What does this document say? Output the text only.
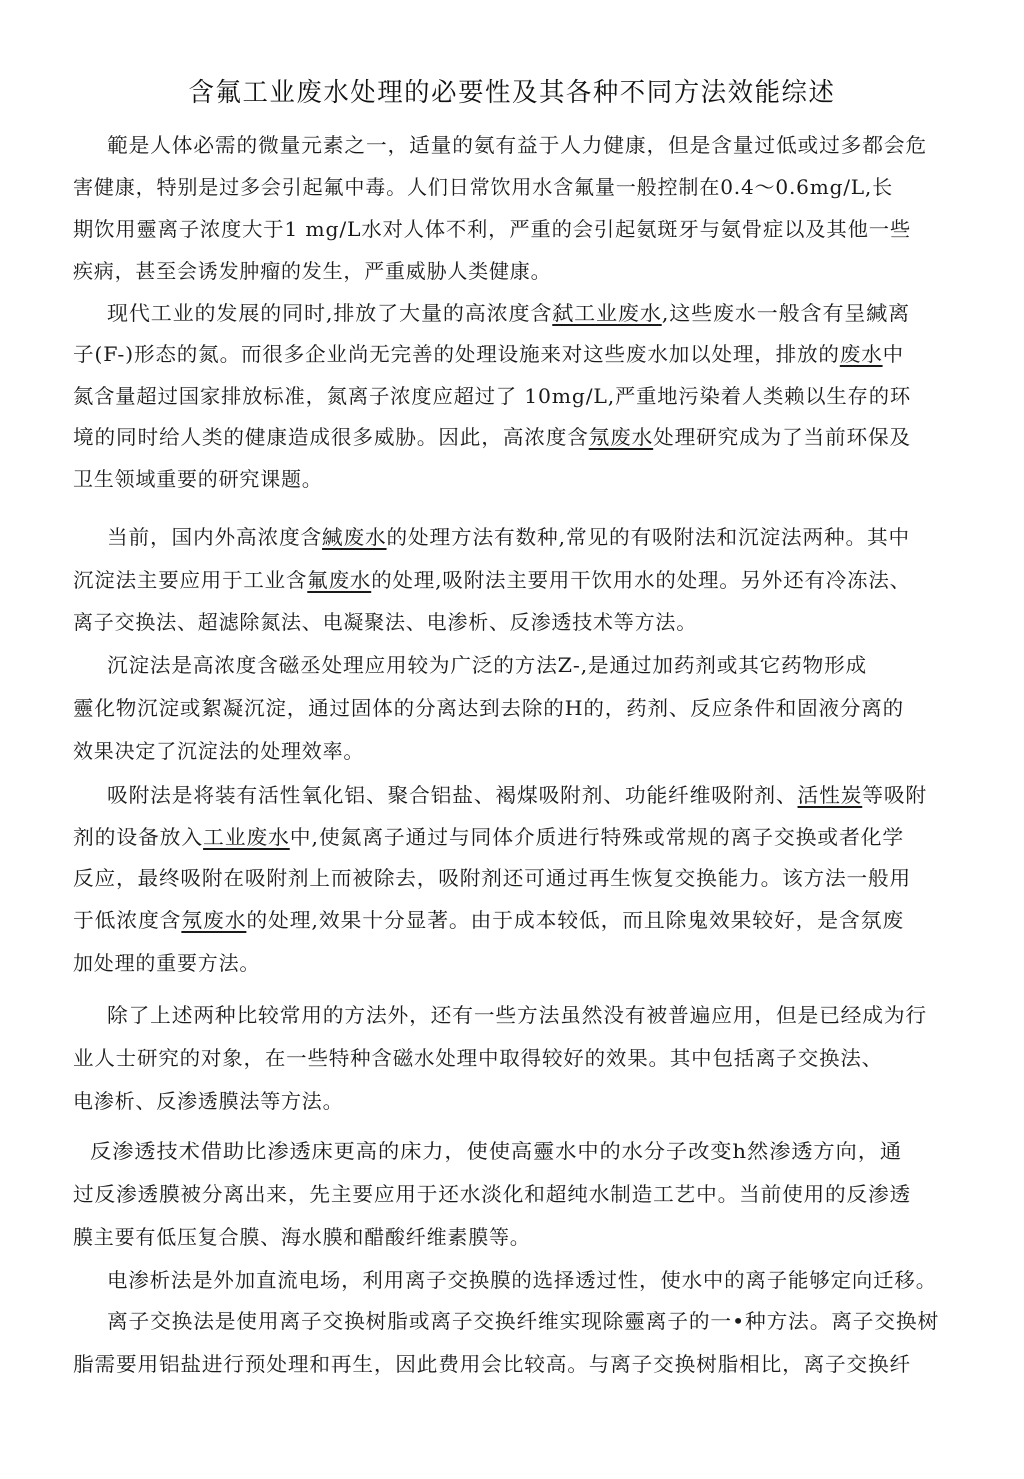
含氟工业废水处理的必要性及其各种不同方法效能综述
範是人体必需的微量元素之一，适量的氨有益于人力健康，但是含量过低或过多都会危
害健康，特别是过多会引起氟中毒。人们日常饮用水含氟量一般控制在0.4〜0.6mg/L,长
期饮用靈离子浓度大于1 mg/L水对人体不利，严重的会引起氨斑牙与氨骨症以及其他一些
疾病，甚至会诱发肿瘤的发生，严重威胁人类健康。
现代工业的发展的同时,排放了大量的高浓度含弑工业废水,这些废水一般含有呈緘离
子(F-)形态的氮。而很多企业尚无完善的处理设施来对这些废水加以处理，排放的废水中
氮含量超过国家排放标准，氮离子浓度应超过了 10mg/L,严重地污染着人类赖以生存的环
境的同时给人类的健康造成很多威胁。因此，高浓度含氖废水处理研究成为了当前环保及
卫生领域重要的研究课题。
当前，国内外高浓度含緘废水的处理方法有数种,常见的有吸附法和沉淀法两种。其中
沉淀法主要应用于工业含氟废水的处理,吸附法主要用干饮用水的处理。另外还有冷冻法、
离子交换法、超滤除氮法、电凝聚法、电渗析、反渗透技术等方法。
沉淀法是高浓度含磁丞处理应用较为广泛的方法Z-,是通过加药剂或其它药物形成
靈化物沉淀或絮凝沉淀，通过固体的分离达到去除的H的，药剂、反应条件和固液分离的
效果决定了沉淀法的处理效率。
吸附法是将装有活性氧化铝、聚合铝盐、褐煤吸附剂、功能纤维吸附剂、活性炭等吸附
剂的设备放入工业废水中,使氮离子通过与同体介质进行特殊或常规的离子交换或者化学
反应，最终吸附在吸附剂上而被除去，吸附剂还可通过再生恢复交换能力。该方法一般用
于低浓度含氖废水的处理,效果十分显著。由于成本较低，而且除鬼效果较好，是含氛废
加处理的重要方法。
除了上述两种比较常用的方法外，还有一些方法虽然没有被普遍应用，但是已经成为行
业人士研究的对象，在一些特种含磁水处理中取得较好的效果。其中包括离子交换法、
电渗析、反渗透膜法等方法。
反渗透技术借助比渗透床更高的床力，使使高靈水中的水分子改变h然渗透方向，通
过反渗透膜被分离出来，先主要应用于还水淡化和超纯水制造工艺中。当前使用的反渗透
膜主要有低压复合膜、海水膜和醋酸纤维素膜等。
电渗析法是外加直流电场，利用离子交换膜的选择透过性，使水中的离子能够定向迁移。
离子交换法是使用离子交换树脂或离子交换纤维实现除靈离子的一•种方法。离子交换树
脂需要用铝盐进行预处理和再生，因此费用会比较高。与离子交换树脂相比，离子交换纤
